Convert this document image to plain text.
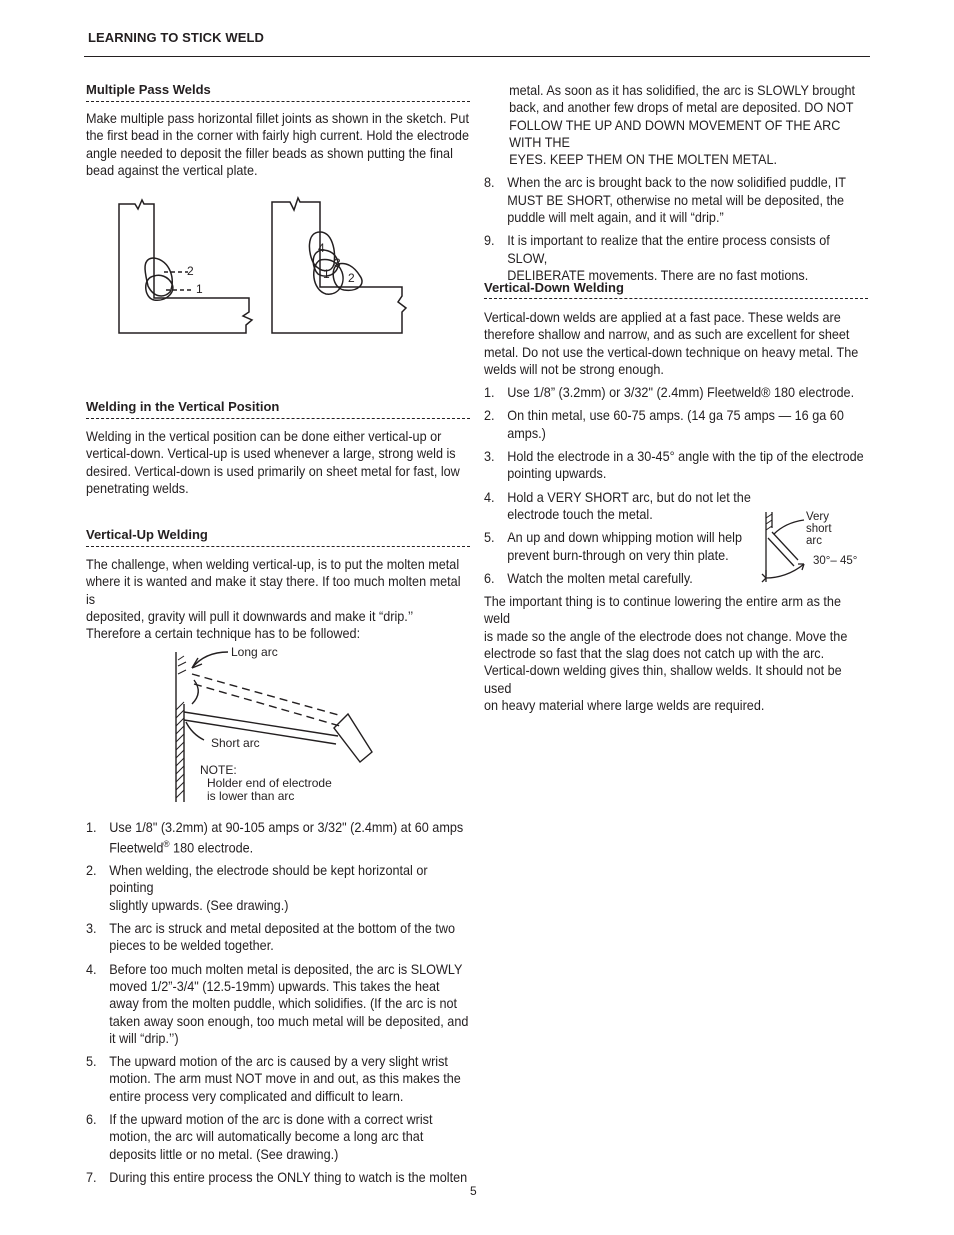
LEARNING TO STICK WELD
Multiple Pass Welds
Make multiple pass horizontal fillet joints as shown in the sketch. Put
the first bead in the corner with fairly high current. Hold the electrode
angle needed to deposit the filler beads as shown putting the final
bead against the vertical plate.
2
1
4
3
1 2
Welding in the Vertical Position
Welding in the vertical position can be done either vertical-up or
vertical-down. Vertical-up is used whenever a large, strong weld is
desired. Vertical-down is used primarily on sheet metal for fast, low
penetrating welds.
Vertical-Up Welding
The challenge, when welding vertical-up, is to put the molten metal
where it is wanted and make it stay there. If too much molten metal is
deposited, gravity will pull it downwards and make it “drip.’’
Therefore a certain technique has to be followed:
Long arc
Short arc
NOTE:
Holder end of electrode
is lower than arc
1. Use 1/8" (3.2mm) at 90-105 amps or 3/32" (2.4mm) at 60 amps
Fleetweld® 180 electrode.
2. When welding, the electrode should be kept horizontal or pointing
slightly upwards. (See drawing.)
3. The arc is struck and metal deposited at the bottom of the two
pieces to be welded together.
4. Before too much molten metal is deposited, the arc is SLOWLY
moved 1/2”-3/4" (12.5-19mm) upwards. This takes the heat
away from the molten puddle, which solidifies. (If the arc is not
taken away soon enough, too much metal will be deposited, and
it will “drip.’’)
5. The upward motion of the arc is caused by a very slight wrist
motion. The arm must NOT move in and out, as this makes the
entire process very complicated and difficult to learn.
6. If the upward motion of the arc is done with a correct wrist
motion, the arc will automatically become a long arc that
deposits little or no metal. (See drawing.)
7. During this entire process the ONLY thing to watch is the molten
metal. As soon as it has solidified, the arc is SLOWLY brought
back, and another few drops of metal are deposited. DO NOT
FOLLOW THE UP AND DOWN MOVEMENT OF THE ARC WITH THE
EYES. KEEP THEM ON THE MOLTEN METAL.
8. When the arc is brought back to the now solidified puddle, IT
MUST BE SHORT, otherwise no metal will be deposited, the
puddle will melt again, and it will “drip.”
9. It is important to realize that the entire process consists of SLOW,
DELIBERATE movements. There are no fast motions.
Vertical-Down Welding
Vertical-down welds are applied at a fast pace. These welds are
therefore shallow and narrow, and as such are excellent for sheet
metal. Do not use the vertical-down technique on heavy metal. The
welds will not be strong enough.
1. Use 1/8” (3.2mm) or 3/32" (2.4mm) Fleetweld® 180 electrode.
2. On thin metal, use 60-75 amps. (14 ga 75 amps — 16 ga 60
amps.)
3. Hold the electrode in a 30-45° angle with the tip of the electrode
pointing upwards.
4. Hold a VERY SHORT arc, but do not let the
electrode touch the metal.
5. An up and down whipping motion will help
prevent burn-through on very thin plate.
6. Watch the molten metal carefully.
The important thing is to continue lowering the entire arm as the weld
is made so the angle of the electrode does not change. Move the
electrode so fast that the slag does not catch up with the arc.
Vertical-down welding gives thin, shallow welds. It should not be used
on heavy material where large welds are required.
Very
short
arc
30°– 45°
5
